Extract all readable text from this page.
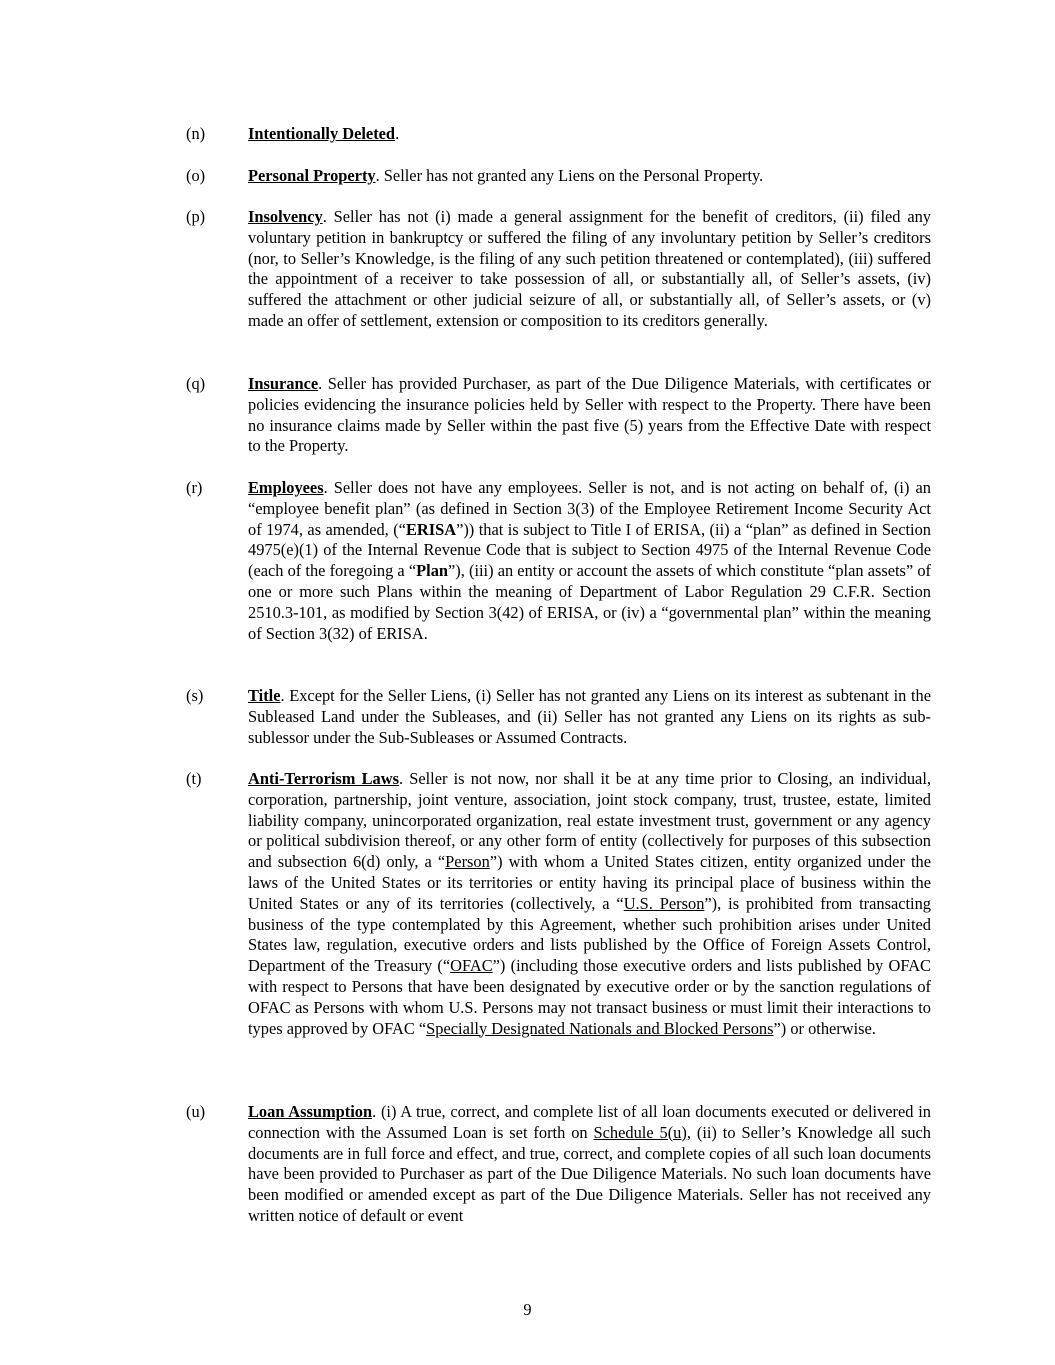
(n)	Intentionally Deleted.
(o)	Personal Property. Seller has not granted any Liens on the Personal Property.
(p)	Insolvency. Seller has not (i) made a general assignment for the benefit of creditors, (ii) filed any voluntary petition in bankruptcy or suffered the filing of any involuntary petition by Seller’s creditors (nor, to Seller’s Knowledge, is the filing of any such petition threatened or contemplated), (iii) suffered the appointment of a receiver to take possession of all, or substantially all, of Seller’s assets, (iv) suffered the attachment or other judicial seizure of all, or substantially all, of Seller’s assets, or (v) made an offer of settlement, extension or composition to its creditors generally.
(q)	Insurance. Seller has provided Purchaser, as part of the Due Diligence Materials, with certificates or policies evidencing the insurance policies held by Seller with respect to the Property. There have been no insurance claims made by Seller within the past five (5) years from the Effective Date with respect to the Property.
(r)	Employees. Seller does not have any employees. Seller is not, and is not acting on behalf of, (i) an “employee benefit plan” (as defined in Section 3(3) of the Employee Retirement Income Security Act of 1974, as amended, (“ERISA”)) that is subject to Title I of ERISA, (ii) a “plan” as defined in Section 4975(e)(1) of the Internal Revenue Code that is subject to Section 4975 of the Internal Revenue Code (each of the foregoing a “Plan”), (iii) an entity or account the assets of which constitute “plan assets” of one or more such Plans within the meaning of Department of Labor Regulation 29 C.F.R. Section 2510.3-101, as modified by Section 3(42) of ERISA, or (iv) a “governmental plan” within the meaning of Section 3(32) of ERISA.
(s)	Title. Except for the Seller Liens, (i) Seller has not granted any Liens on its interest as subtenant in the Subleased Land under the Subleases, and (ii) Seller has not granted any Liens on its rights as sub-sublessor under the Sub-Subleases or Assumed Contracts.
(t)	Anti-Terrorism Laws. Seller is not now, nor shall it be at any time prior to Closing, an individual, corporation, partnership, joint venture, association, joint stock company, trust, trustee, estate, limited liability company, unincorporated organization, real estate investment trust, government or any agency or political subdivision thereof, or any other form of entity (collectively for purposes of this subsection and subsection 6(d) only, a “Person”) with whom a United States citizen, entity organized under the laws of the United States or its territories or entity having its principal place of business within the United States or any of its territories (collectively, a “U.S. Person”), is prohibited from transacting business of the type contemplated by this Agreement, whether such prohibition arises under United States law, regulation, executive orders and lists published by the Office of Foreign Assets Control, Department of the Treasury (“OFAC”) (including those executive orders and lists published by OFAC with respect to Persons that have been designated by executive order or by the sanction regulations of OFAC as Persons with whom U.S. Persons may not transact business or must limit their interactions to types approved by OFAC “Specially Designated Nationals and Blocked Persons”) or otherwise.
(u)	Loan Assumption. (i) A true, correct, and complete list of all loan documents executed or delivered in connection with the Assumed Loan is set forth on Schedule 5(u), (ii) to Seller’s Knowledge all such documents are in full force and effect, and true, correct, and complete copies of all such loan documents have been provided to Purchaser as part of the Due Diligence Materials. No such loan documents have been modified or amended except as part of the Due Diligence Materials. Seller has not received any written notice of default or event
9
